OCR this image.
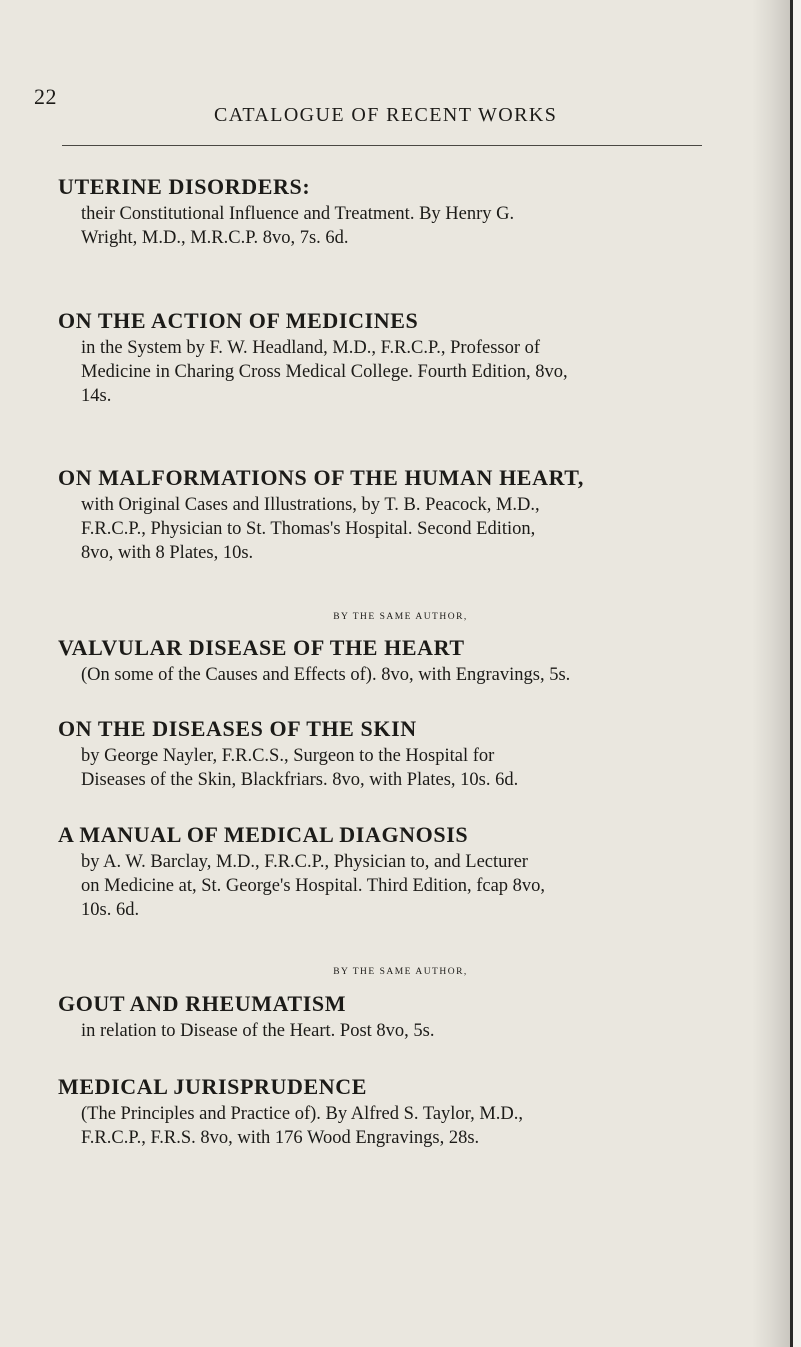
22
CATALOGUE OF RECENT WORKS
UTERINE DISORDERS:
their Constitutional Influence and Treatment. By Henry G.
Wright, M.D., M.R.C.P. 8vo, 7s. 6d.
ON THE ACTION OF MEDICINES
in the System by F. W. Headland, M.D., F.R.C.P., Professor of
Medicine in Charing Cross Medical College. Fourth Edition, 8vo,
14s.
ON MALFORMATIONS OF THE HUMAN HEART,
with Original Cases and Illustrations, by T. B. Peacock, M.D.,
F.R.C.P., Physician to St. Thomas's Hospital. Second Edition,
8vo, with 8 Plates, 10s.
BY THE SAME AUTHOR,
VALVULAR DISEASE OF THE HEART
(On some of the Causes and Effects of). 8vo, with Engravings, 5s.
ON THE DISEASES OF THE SKIN
by George Nayler, F.R.C.S., Surgeon to the Hospital for
Diseases of the Skin, Blackfriars. 8vo, with Plates, 10s. 6d.
A MANUAL OF MEDICAL DIAGNOSIS
by A. W. Barclay, M.D., F.R.C.P., Physician to, and Lecturer
on Medicine at, St. George's Hospital. Third Edition, fcap 8vo,
10s. 6d.
BY THE SAME AUTHOR,
GOUT AND RHEUMATISM
in relation to Disease of the Heart. Post 8vo, 5s.
MEDICAL JURISPRUDENCE
(The Principles and Practice of). By Alfred S. Taylor, M.D.,
F.R.C.P., F.R.S. 8vo, with 176 Wood Engravings, 28s.
